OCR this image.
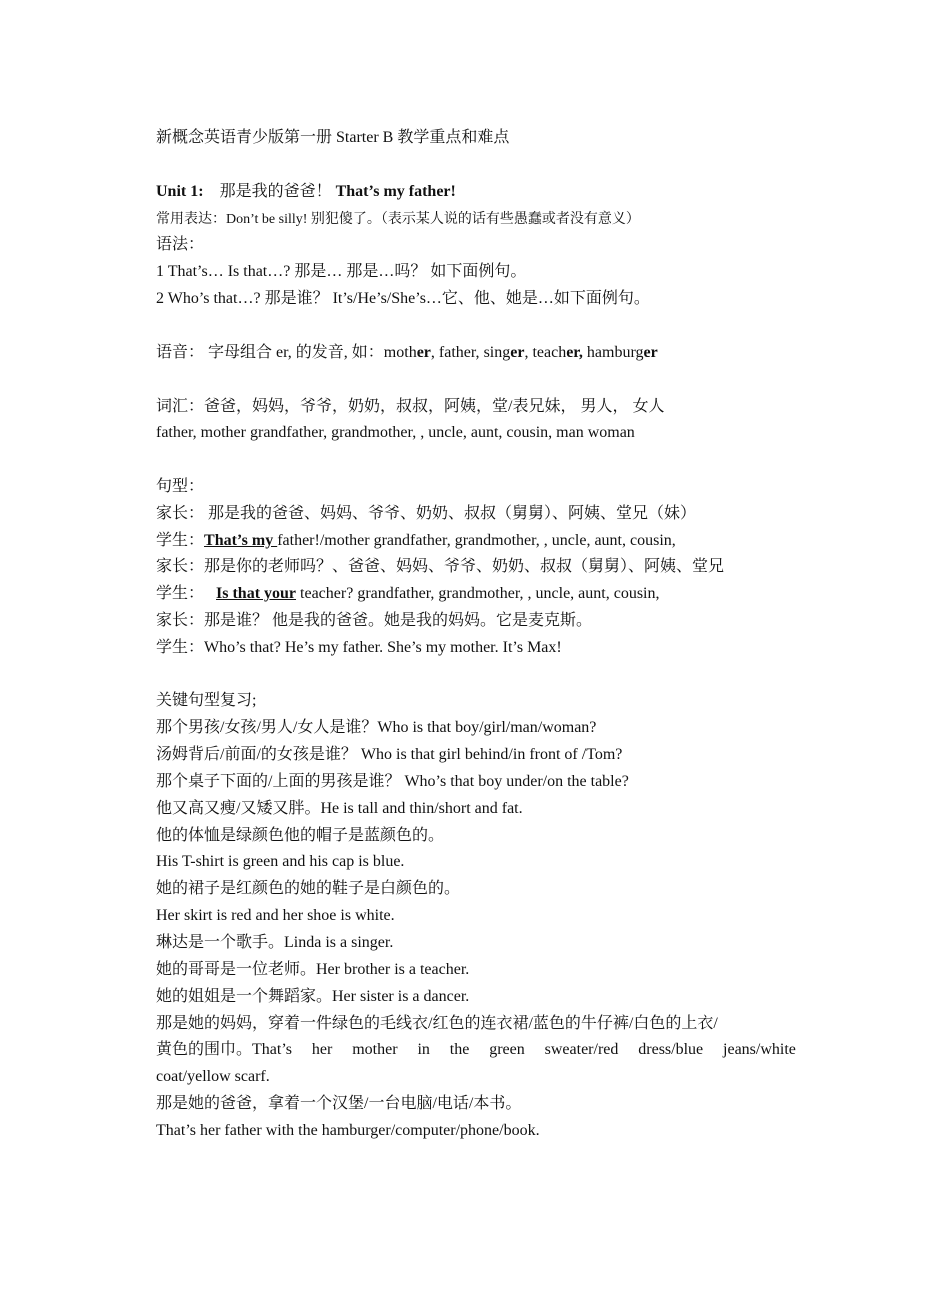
新概念英语青少版第一册 Starter B 教学重点和难点
Unit 1: 那是我的爸爸！ That’s my father!
常用表达：Don’t be silly! 别犯傻了。（表示某人说的话有些愚蠢或者没有意义）
语法：
1 That’s… Is that…? 那是… 那是…吗？ 如下面例句。
2 Who’s that…? 那是谁？ It’s/He’s/She’s…它、他、她是…如下面例句。
语音： 字母组合 er, 的发音, 如：mother, father, singer, teacher, hamburger
词汇：爸爸，妈妈，爷爷，奶奶，叔叔，阿姨，堂/表兄妹， 男人， 女人
father, mother grandfather, grandmother, , uncle, aunt, cousin, man woman
句型：
家长： 那是我的爸爸、妈妈、爷爷、奶奶、叔叔（舅舅）、阿姨、堂兄（妹）
学生：That’s my father!/mother grandfather, grandmother, , uncle, aunt, cousin,
家长：那是你的老师吗？、爸爸、妈妈、爷爷、奶奶、叔叔（舅舅）、阿姨、堂兄
学生：   Is that your teacher? grandfather, grandmother, , uncle, aunt, cousin,
家长：那是谁？ 他是我的爸爸。她是我的妈妈。它是麦克斯。
学生：Who’s that? He’s my father. She’s my mother. It’s Max!
关键句型复习;
那个男孩/女孩/男人/女人是谁？Who is that boy/girl/man/woman?
汤姆背后/前面/的女孩是谁？ Who is that girl behind/in front of /Tom?
那个桌子下面的/上面的男孩是谁？ Who’s that boy under/on the table?
他又高又瘦/又矮又胖。He is tall and thin/short and fat.
他的体恤是绿颜色他的帽子是蓝颜色的。
His T-shirt is green and his cap is blue.
她的裙子是红颜色的她的鞋子是白颜色的。
Her skirt is red and her shoe is white.
琳达是一个歌手。Linda is a singer.
她的哥哥是一位老师。Her brother is a teacher.
她的姐姐是一个舞蹈家。Her sister is a dancer.
那是她的妈妈，穿着一件绿色的毛线衣/红色的连衣裙/蓝色的牛仔裤/白色的上衣/
黄色的围巾。That’s her mother in the green sweater/red dress/blue jeans/white
coat/yellow scarf.
那是她的爸爸，拿着一个汉堡/一台电脑/电话/本书。
That’s her father with the hamburger/computer/phone/book.
